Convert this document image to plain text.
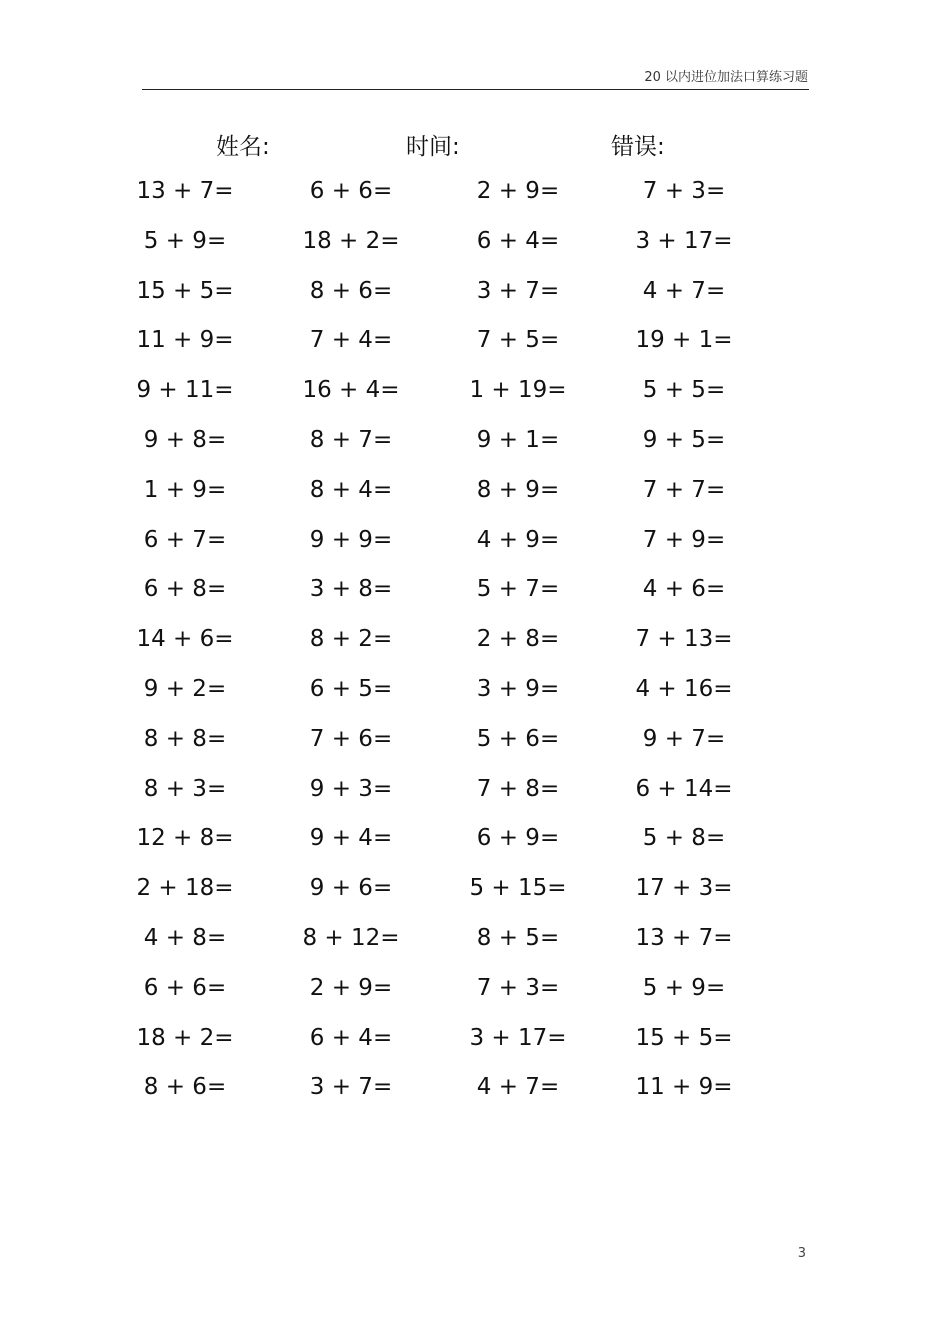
20 以内进位加法口算练习题
姓名:	时间:	错误:
13 + 7=	6 + 6=	2 + 9=	7 + 3=
5 + 9=	18 + 2=	6 + 4=	3 + 17=
15 + 5=	8 + 6=	3 + 7=	4 + 7=
11 + 9=	7 + 4=	7 + 5=	19 + 1=
9 + 11=	16 + 4=	1 + 19=	5 + 5=
9 + 8=	8 + 7=	9 + 1=	9 + 5=
1 + 9=	8 + 4=	8 + 9=	7 + 7=
6 + 7=	9 + 9=	4 + 9=	7 + 9=
6 + 8=	3 + 8=	5 + 7=	4 + 6=
14 + 6=	8 + 2=	2 + 8=	7 + 13=
9 + 2=	6 + 5=	3 + 9=	4 + 16=
8 + 8=	7 + 6=	5 + 6=	9 + 7=
8 + 3=	9 + 3=	7 + 8=	6 + 14=
12 + 8=	9 + 4=	6 + 9=	5 + 8=
2 + 18=	9 + 6=	5 + 15=	17 + 3=
4 + 8=	8 + 12=	8 + 5=	13 + 7=
6 + 6=	2 + 9=	7 + 3=	5 + 9=
18 + 2=	6 + 4=	3 + 17=	15 + 5=
8 + 6=	3 + 7=	4 + 7=	11 + 9=
3
